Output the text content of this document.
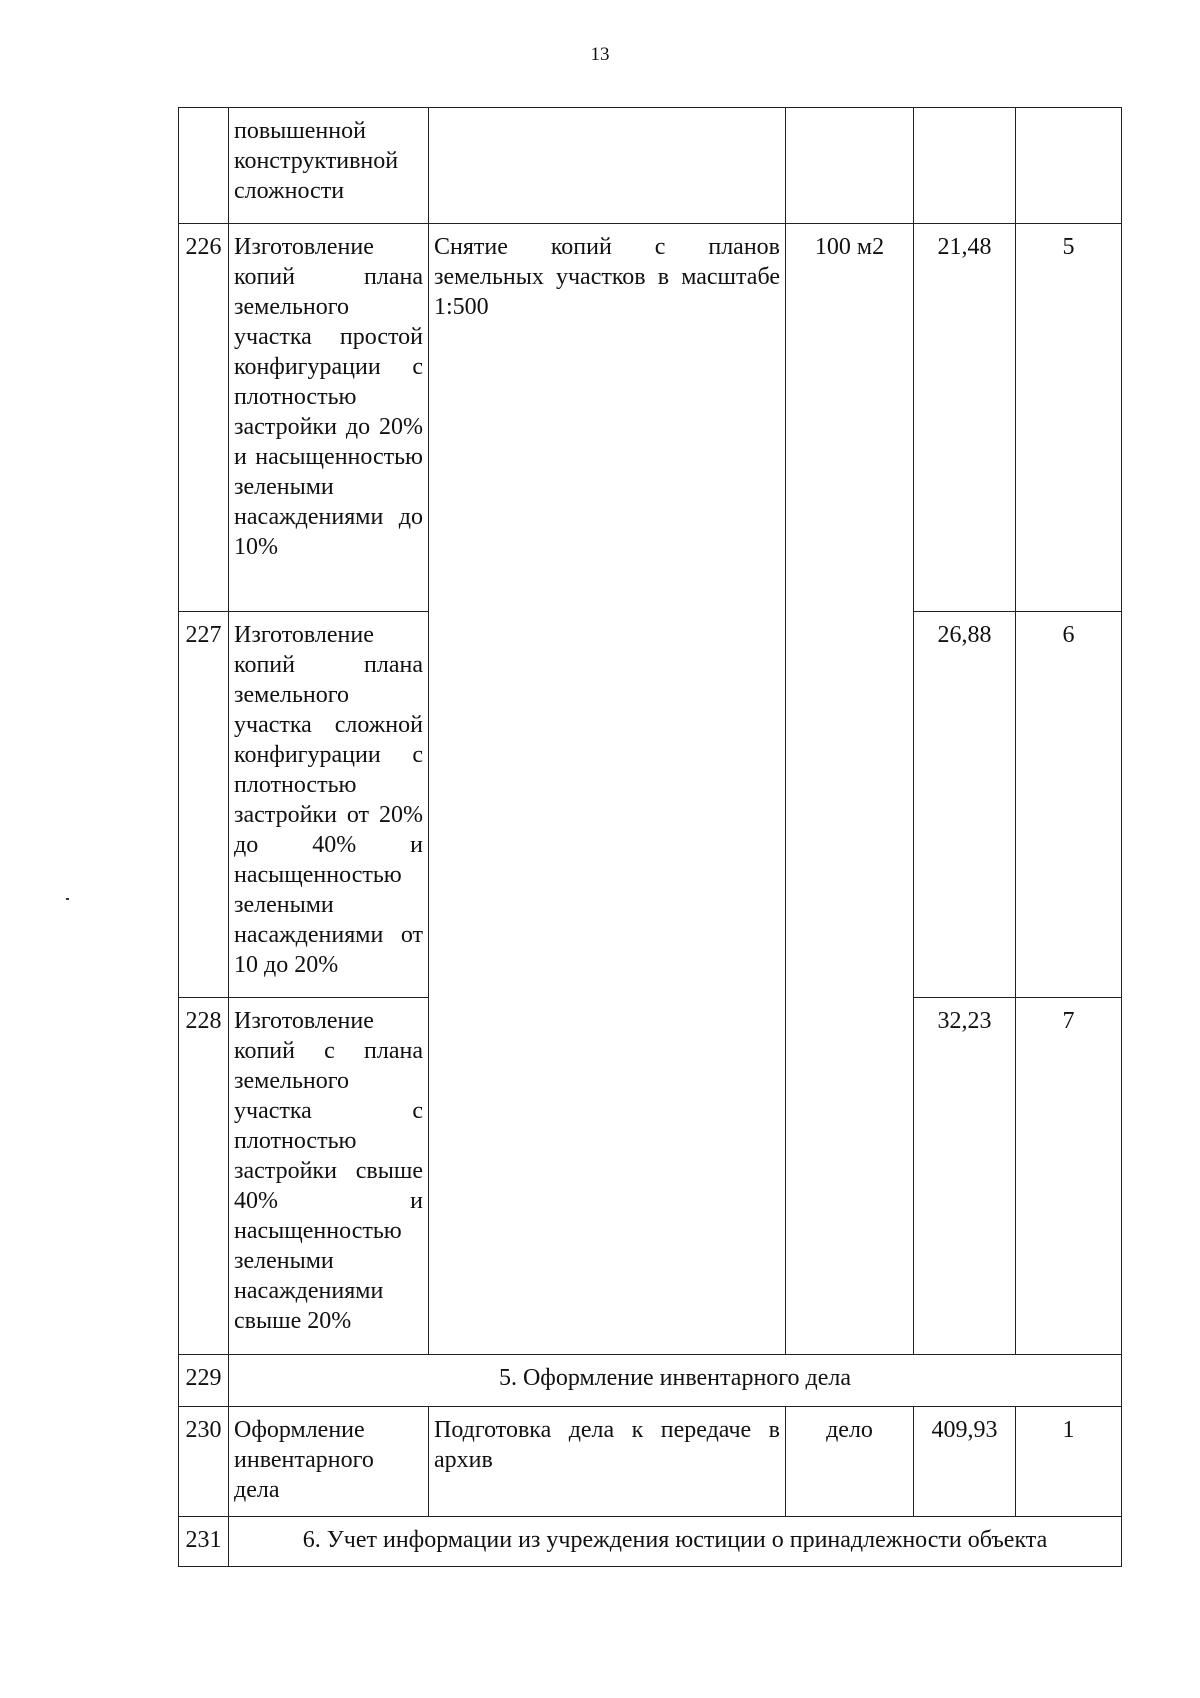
13
	повышенной конструктивной сложности				
226	Изготовление копий плана земельного участка простой конфигурации с плотностью застройки до 20% и насыщенностью зелеными насаждениями до 10%	Снятие копий с планов земельных участков в масштабе 1:500	100 м2	21,48	5
227	Изготовление копий плана земельного участка сложной конфигурации с плотностью застройки от 20% до 40% и насыщенностью зелеными насаждениями от 10 до 20%			26,88	6
228	Изготовление копий с плана земельного участка с плотностью застройки свыше 40% и насыщенностью зелеными насаждениями свыше 20%			32,23	7
229	5. Оформление инвентарного дела				
230	Оформление инвентарного дела	Подготовка дела к передаче в архив	дело	409,93	1
231	6. Учет информации из учреждения юстиции о принадлежности объекта				
